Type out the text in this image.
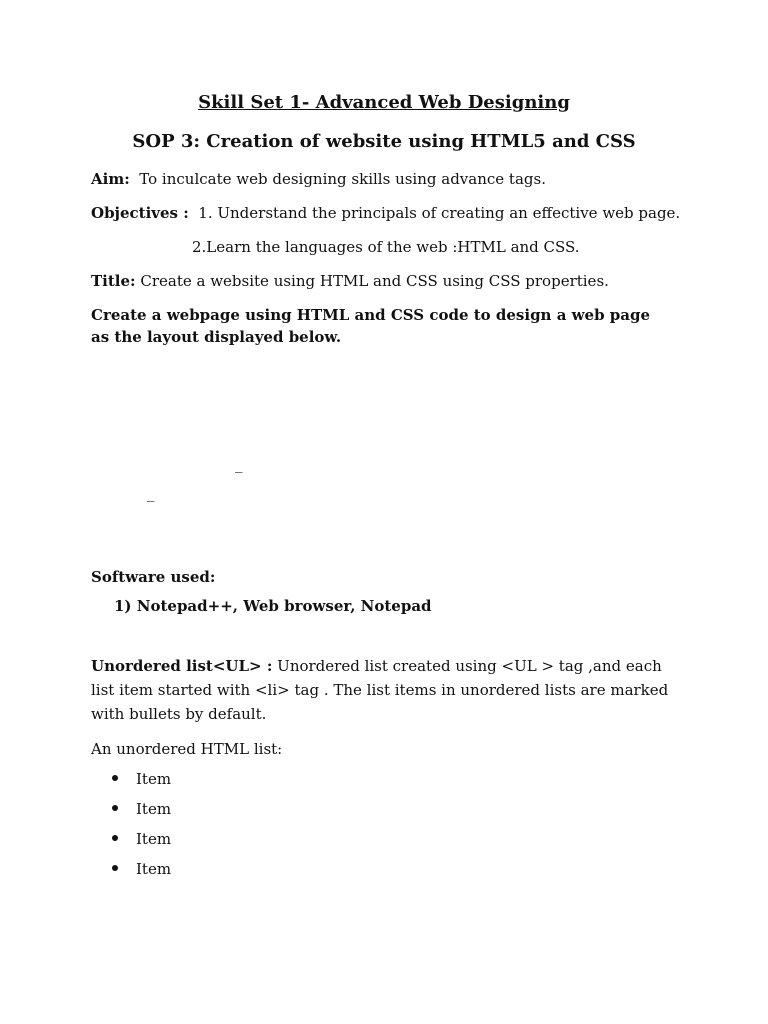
Skill Set 1- Advanced Web Designing
SOP 3: Creation of website using HTML5 and CSS
Aim: To inculcate web designing skills using advance tags.
Objectives : 1. Understand the principals of creating an effective web page.
2.Learn the languages of the web :HTML and CSS.
Title: Create a website using HTML and CSS using CSS properties.
Create a webpage using HTML and CSS code to design a web page as the layout displayed below.
_
_
Software used:
1) Notepad++, Web browser, Notepad
Unordered list<UL> : Unordered list created using <UL > tag ,and each list item started with <li> tag . The list items in unordered lists are marked with bullets by default.
An unordered HTML list:
Item
Item
Item
Item
